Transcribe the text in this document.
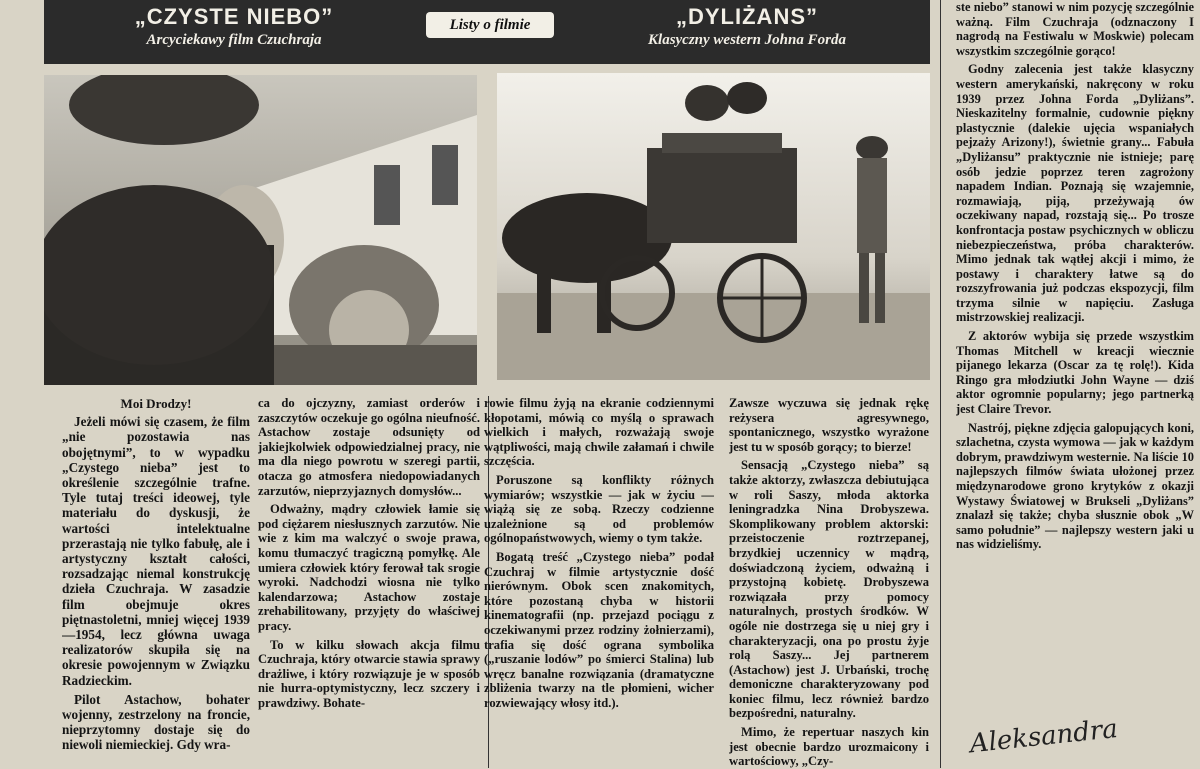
„CZYSTE NIEBO”
Arcyciekawy film Czuchraja
Listy o filmie	„DYLIŻANS”
Klasyczny western Johna Forda
Moi Drodzy!

Jeżeli mówi się czasem, że film „nie pozostawia nas obojętnymi”, to w wypadku „Czystego nieba” jest to określenie szczególnie trafne. Tyle tutaj treści ideowej, tyle materiału do dyskusji, że wartości intelektualne przerastają nie tylko fabułę, ale i artystyczny kształt całości, rozsadzając niemal konstrukcję dzieła Czuchraja. W zasadzie film obejmuje okres piętnastoletni, mniej więcej 1939—1954, lecz główna uwaga realizatorów skupiła się na okresie powojennym w Związku Radzieckim.

Pilot Astachow, bohater wojenny, zestrzelony na froncie, nieprzytomny dostaje się do niewoli niemieckiej. Gdy wra-

ca do ojczyzny, zamiast orderów i zaszczytów oczekuje go ogólna nieufność. Astachow zostaje odsunięty od jakiejkolwiek odpowiedzialnej pracy, nie ma dla niego powrotu w szeregi partii, otacza go atmosfera niedopowiadanych zarzutów, nieprzyjaznych domysłów...

Odważny, mądry człowiek łamie się pod ciężarem niesłusznych zarzutów. Nie wie z kim ma walczyć o swoje prawa, komu tłumaczyć tragiczną pomyłkę. Ale umiera człowiek który ferował tak srogie wyroki. Nadchodzi wiosna nie tylko kalendarzowa; Astachow zostaje zrehabilitowany, przyjęty do właściwej pracy.

To w kilku słowach akcja filmu Czuchraja, który otwarcie stawia sprawy drażliwe, i który rozwiązuje je w sposób nie hurra-optymistyczny, lecz szczery i prawdziwy. Bohate-

rowie filmu żyją na ekranie codziennymi kłopotami, mówią co myślą o sprawach wielkich i małych, rozważają swoje wątpliwości, mają chwile załamań i chwile szczęścia.

Poruszone są konflikty różnych wymiarów; wszystkie — jak w życiu — wiążą się ze sobą. Rzeczy codzienne uzależnione są od problemów ogólnopaństwowych, wiemy o tym także.

Bogatą treść „Czystego nieba” podał Czuchraj w filmie artystycznie dość nierównym. Obok scen znakomitych, które pozostaną chyba w historii kinematografii (np. przejazd pociągu z oczekiwanymi przez rodziny żołnierzami), trafia się dość ograna symbolika („ruszanie lodów” po śmierci Stalina) lub wręcz banalne rozwiązania (dramatyczne zbliżenia twarzy na tle płomieni, wicher rozwiewający włosy itd.).

Zawsze wyczuwa się jednak rękę reżysera agresywnego, spontanicznego, wszystko wyrażone jest tu w sposób gorący; to bierze!

Sensacją „Czystego nieba” są także aktorzy, zwłaszcza debiutująca w roli Saszy, młoda aktorka leningradzka Nina Drobyszewa. Skomplikowany problem aktorski: przeistoczenie roztrzepanej, brzydkiej uczennicy w mądrą, doświadczoną życiem, odważną i przystojną kobietę. Drobyszewa rozwiązała przy pomocy naturalnych, prostych środków. W ogóle nie dostrzega się u niej gry i charakteryzacji, ona po prostu żyje rolą Saszy... Jej partnerem (Astachow) jest J. Urbański, trochę demoniczne charakteryzowany pod koniec filmu, lecz również bardzo bezpośredni, naturalny.

Mimo, że repertuar naszych kin jest obecnie bardzo urozmaicony i wartościowy, „Czy-

ste niebo” stanowi w nim pozycję szczególnie ważną. Film Czuchraja (odznaczony I nagrodą na Festiwalu w Moskwie) polecam wszystkim szczególnie gorąco!

Godny zalecenia jest także klasyczny western amerykański, nakręcony w roku 1939 przez Johna Forda „Dyliżans”. Nieskazitelny formalnie, cudownie piękny plastycznie (dalekie ujęcia wspaniałych pejzaży Arizony!), świetnie grany... Fabuła „Dyliżansu” praktycznie nie istnieje; parę osób jedzie poprzez teren zagrożony napadem Indian. Poznają się wzajemnie, rozmawiają, piją, przeżywają ów oczekiwany napad, rozstają się... Po trosze konfrontacja postaw psychicznych w obliczu niebezpieczeństwa, próba charakterów. Mimo jednak tak wątłej akcji i mimo, że postawy i charaktery łatwe są do rozszyfrowania już podczas ekspozycji, film trzyma silnie w napięciu. Zasługa mistrzowskiej realizacji.

Z aktorów wybija się przede wszystkim Thomas Mitchell w kreacji wiecznie pijanego lekarza (Oscar za tę rolę!). Kida Ringo gra młodziutki John Wayne — dziś aktor ogromnie popularny; jego partnerką jest Claire Trevor.

Nastrój, piękne zdjęcia galopujących koni, szlachetna, czysta wymowa — jak w każdym dobrym, prawdziwym westernie. Na liście 10 najlepszych filmów świata ułożonej przez międzynarodowe grono krytyków z okazji Wystawy Światowej w Brukseli „Dyliżans” znalazł się także; chyba słusznie obok „W samo południe” — najlepszy western jaki u nas widzieliśmy.

Aleksandra
